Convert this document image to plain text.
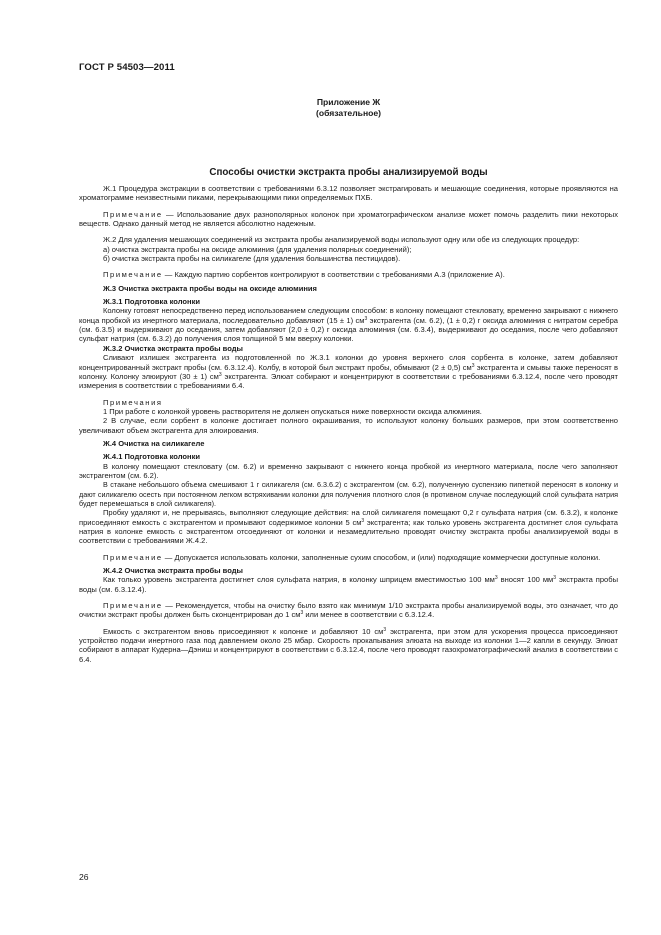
ГОСТ Р 54503—2011
Приложение Ж
(обязательное)
Способы очистки экстракта пробы анализируемой воды

Ж.1 Процедура экстракции в соответствии с требованиями 6.3.12 позволяет экстрагировать и мешающие соединения, которые проявляются на хроматограмме неизвестными пиками, перекрывающими пики определяемых ПХБ.

Примечание — Использование двух разнополярных колонок при хроматографическом анализе может помочь разделить пики некоторых веществ. Однако данный метод не является абсолютно надежным.

Ж.2 Для удаления мешающих соединений из экстракта пробы анализируемой воды используют одну или обе из следующих процедур:

а) очистка экстракта пробы на оксиде алюминия (для удаления полярных соединений);

б) очистка экстракта пробы на силикагеле (для удаления большинства пестицидов).

Примечание — Каждую партию сорбентов контролируют в соответствии с требованиями А.3 (приложение А).

Ж.3 Очистка экстракта пробы воды на оксиде алюминия

Ж.3.1 Подготовка колонки

Колонку готовят непосредственно перед использованием следующим способом: в колонку помещают стекловату, временно закрывают с нижнего конца пробкой из инертного материала, последовательно добавляют (15 ± 1) $см^3$ экстрагента (см. 6.2), (1 ± 0,2) г оксида алюминия с нитратом серебра (см. 6.3.5) и выдерживают до оседания, затем добавляют (2,0 ± 0,2) г оксида алюминия (см. 6.3.4), выдерживают до оседания, после чего добавляют сульфат натрия (см. 6.3.2) до получения слоя толщиной 5 мм вверху колонки.

Ж.3.2 Очистка экстракта пробы воды

Сливают излишек экстрагента из подготовленной по Ж.3.1 колонки до уровня верхнего слоя сорбента в колонке, затем добавляют концентрированный экстракт пробы (см. 6.3.12.4). Колбу, в которой был экстракт пробы, обмывают (2 ± 0,5) $см^3$ экстрагента и смывы также переносят в колонку. Колонку элюируют (30 ± 1) $см^3$ экстрагента. Элюат собирают и концентрируют в соответствии с требованиями 6.3.12.4, после чего проводят измерения в соответствии с требованиями 6.4.

Примечания

1 При работе с колонкой уровень растворителя не должен опускаться ниже поверхности оксида алюминия.

2 В случае, если сорбент в колонке достигает полного окрашивания, то используют колонку больших размеров, при этом соответственно увеличивают объем экстрагента для элюирования.

Ж.4 Очистка на силикагеле

Ж.4.1 Подготовка колонки

В колонку помещают стекловату (см. 6.2) и временно закрывают с нижнего конца пробкой из инертного материала, после чего заполняют экстрагентом (см. 6.2).

В стакане небольшого объема смешивают 1 г силикагеля (см. 6.3.6.2) с экстрагентом (см. 6.2), полученную суспензию пипеткой переносят в колонку и дают силикагелю осесть при постоянном легком встряхивании колонки для получения плотного слоя (в противном случае последующий слой сульфата натрия будет перемешаться в слой силикагеля).

Пробку удаляют и, не прерываясь, выполняют следующие действия: на слой силикагеля помещают 0,2 г сульфата натрия (см. 6.3.2), к колонке присоединяют емкость с экстрагентом и промывают содержимое колонки 5 $см^3$ экстрагента; как только уровень экстрагента достигнет слоя сульфата натрия в колонке емкость с экстрагентом отсоединяют от колонки и незамедлительно проводят очистку экстракта пробы анализируемой воды в соответствии с требованиями Ж.4.2.

Примечание — Допускается использовать колонки, заполненные сухим способом, и (или) подходящие коммерчески доступные колонки.

Ж.4.2 Очистка экстракта пробы воды

Как только уровень экстрагента достигнет слоя сульфата натрия, в колонку шприцем вместимостью 100 $мм^3$ вносят 100 $мм^3$ экстракта пробы воды (см. 6.3.12.4).

Примечание — Рекомендуется, чтобы на очистку было взято как минимум 1/10 экстракта пробы анализируемой воды, это означает, что до очистки экстракт пробы должен быть сконцентрирован до 1 $см^3$ или менее в соответствии с 6.3.12.4.

Емкость с экстрагентом вновь присоединяют к колонке и добавляют 10 $см^3$ экстрагента, при этом для ускорения процесса присоединяют устройство подачи инертного газа под давлением около 25 мбар. Скорость прокапывания элюата на выходе из колонки 1—2 капли в секунду. Элюат собирают в аппарат Кудерна—Дэниш и концентрируют в соответствии с 6.3.12.4, после чего проводят газохроматографический анализ в соответствии с 6.4.

26
